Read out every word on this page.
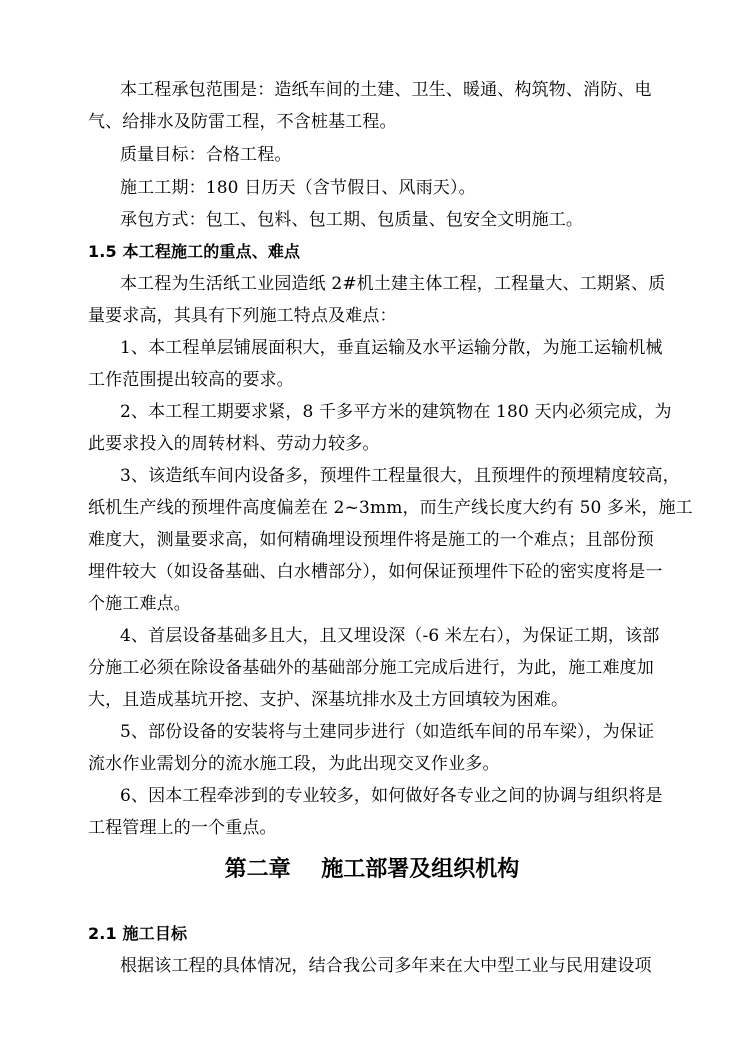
本工程承包范围是：造纸车间的土建、卫生、暖通、构筑物、消防、电
气、给排水及防雷工程，不含桩基工程。
质量目标：合格工程。
施工工期：180 日历天（含节假日、风雨天）。
承包方式：包工、包料、包工期、包质量、包安全文明施工。
1.5 本工程施工的重点、难点
本工程为生活纸工业园造纸 2#机土建主体工程，工程量大、工期紧、质
量要求高，其具有下列施工特点及难点：
1、本工程单层铺展面积大，垂直运输及水平运输分散，为施工运输机械
工作范围提出较高的要求。
2、本工程工期要求紧，8 千多平方米的建筑物在 180 天内必须完成，为
此要求投入的周转材料、劳动力较多。
3、该造纸车间内设备多，预埋件工程量很大，且预埋件的预埋精度较高，
纸机生产线的预埋件高度偏差在 2~3mm，而生产线长度大约有 50 多米，施工
难度大，测量要求高，如何精确埋设预埋件将是施工的一个难点；且部份预
埋件较大（如设备基础、白水槽部分），如何保证预埋件下砼的密实度将是一
个施工难点。
4、首层设备基础多且大，且又埋设深（-6 米左右），为保证工期，该部
分施工必须在除设备基础外的基础部分施工完成后进行，为此，施工难度加
大，且造成基坑开挖、支护、深基坑排水及土方回填较为困难。
5、部份设备的安装将与土建同步进行（如造纸车间的吊车梁），为保证
流水作业需划分的流水施工段，为此出现交叉作业多。
6、因本工程牵涉到的专业较多，如何做好各专业之间的协调与组织将是
工程管理上的一个重点。
第二章    施工部署及组织机构
2.1 施工目标
根据该工程的具体情况，结合我公司多年来在大中型工业与民用建设项
